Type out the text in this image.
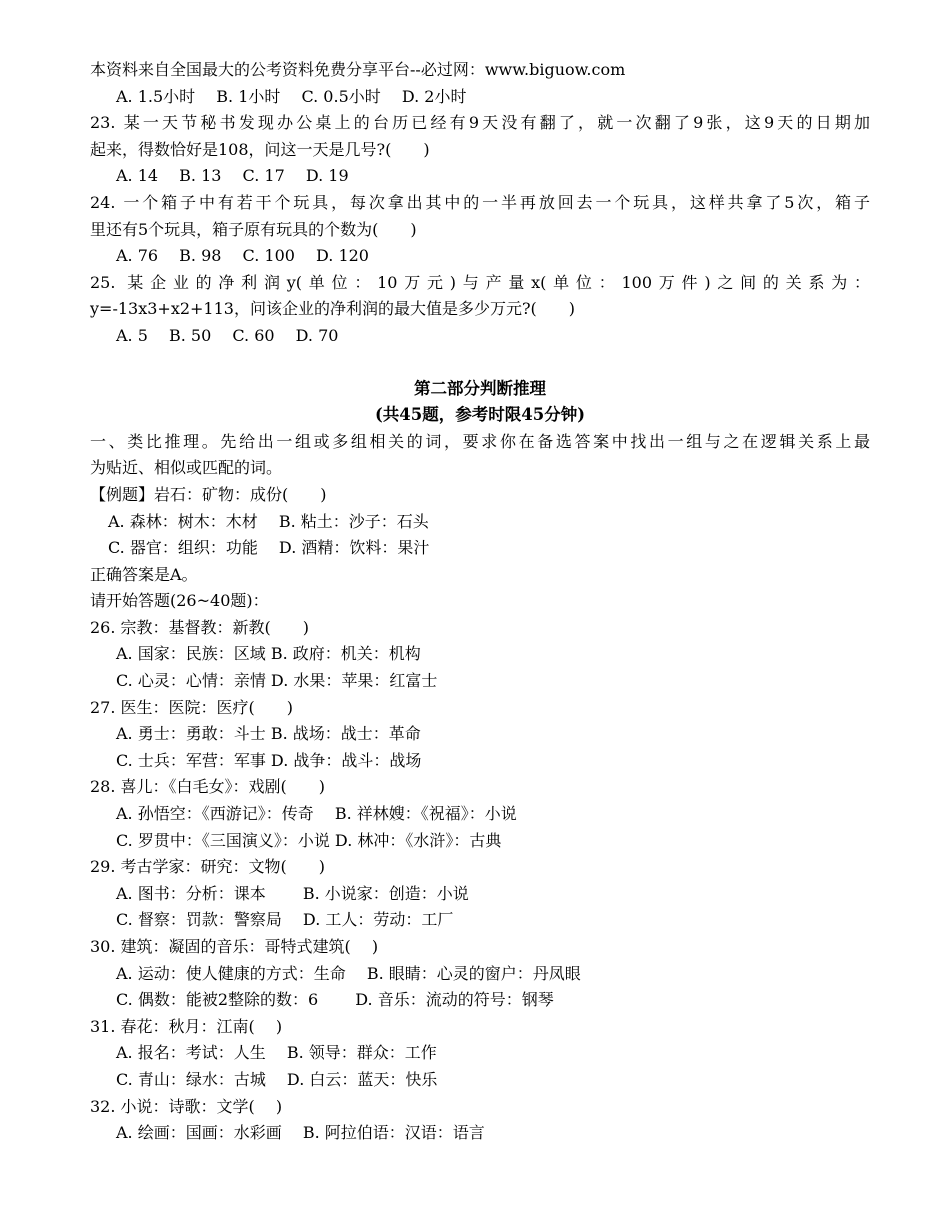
本资料来自全国最大的公考资料免费分享平台--必过网：www.biguow.com
A. 1.5小时　 B. 1小时　 C. 0.5小时　 D. 2小时
23. 某一天节秘书发现办公桌上的台历已经有9天没有翻了，就一次翻了9张，这9天的日期加
起来，得数恰好是108，问这一天是几号?(　　)
A. 14　 B. 13　 C. 17　 D. 19
24. 一个箱子中有若干个玩具，每次拿出其中的一半再放回去一个玩具，这样共拿了5次，箱子
里还有5个玩具，箱子原有玩具的个数为(　　)
A. 76　 B. 98　 C. 100　 D. 120
25. 某企业的净利润y(单位：10万元)与产量x(单位：100万件)之间的关系为：
y=-13x3+x2+113，问该企业的净利润的最大值是多少万元?(　　)
A. 5　 B. 50　 C. 60　 D. 70
第二部分判断推理
(共45题，参考时限45分钟)
一、类比推理。先给出一组或多组相关的词，要求你在备选答案中找出一组与之在逻辑关系上最
为贴近、相似或匹配的词。
【例题】岩石：矿物：成份(　　)
A. 森林：树木：木材　 B. 粘土：沙子：石头
C. 器官：组织：功能　 D. 酒精：饮料：果汁
正确答案是A。
请开始答题(26~40题)：
26. 宗教：基督教：新教(　　)
A. 国家：民族：区域 B. 政府：机关：机构
C. 心灵：心情：亲情 D. 水果：苹果：红富士
27. 医生：医院：医疗(　　)
A. 勇士：勇敢：斗士 B. 战场：战士：革命
C. 士兵：军营：军事 D. 战争：战斗：战场
28. 喜儿：《白毛女》：戏剧(　　)
A. 孙悟空：《西游记》：传奇　 B. 祥林嫂：《祝福》：小说
C. 罗贯中：《三国演义》：小说 D. 林冲：《水浒》：古典
29. 考古学家：研究：文物(　　)
A. 图书：分析：课本　　 B. 小说家：创造：小说
C. 督察：罚款：警察局　 D. 工人：劳动：工厂
30. 建筑：凝固的音乐：哥特式建筑(　 )
A. 运动：使人健康的方式：生命　 B. 眼睛：心灵的窗户：丹凤眼
C. 偶数：能被2整除的数：6　　 D. 音乐：流动的符号：钢琴
31. 春花：秋月：江南(　 )
A. 报名：考试：人生　 B. 领导：群众：工作
C. 青山：绿水：古城　 D. 白云：蓝天：快乐
32. 小说：诗歌：文学(　 )
A. 绘画：国画：水彩画　 B. 阿拉伯语：汉语：语言
